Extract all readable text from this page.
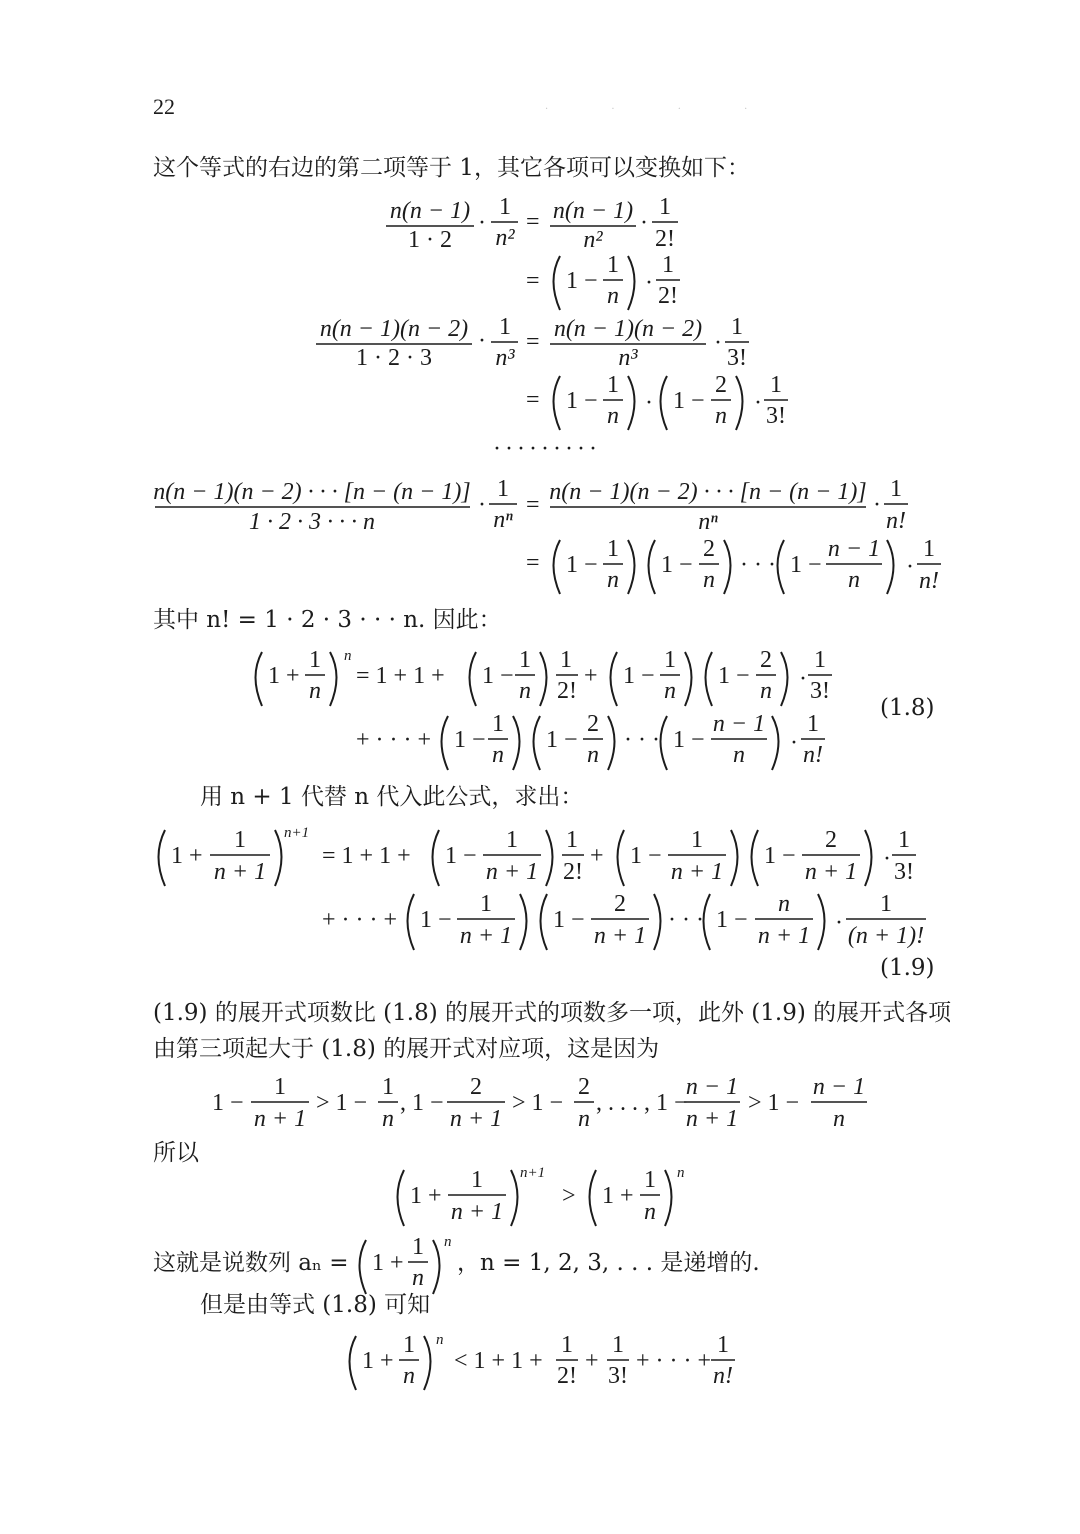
22	· · · ·
这个等式的右边的第二项等于 1，其它各项可以变换如下：
·········
其中 n! = 1 · 2 · 3 · · · n. 因此：
(1.8)
用 n + 1 代替 n 代入此公式，求出：
(1.9)
(1.9) 的展开式项数比 (1.8) 的展开式的项数多一项，此外 (1.9) 的展开式各项
由第三项起大于 (1.8) 的展开式对应项，这是因为
所以
这就是说数列 aₙ =	，n = 1, 2, 3, . . . 是递增的.
但是由等式 (1.8) 可知
n(n − 1)
1 · 2
·
1
n²
= n(n − 1)
n²
·
1
2!
= 1 −
1
n ·
1
2!
n(n − 1)(n − 2)
1 · 2 · 3
·
1
n³
= n(n − 1)(n − 2)
n³
·
1
3!
= 1 −
1
n · 1 −
2
n ·
1
3!
n(n − 1)(n − 2) · · · [n − (n − 1)]
1 · 2 · 3 · · · n
·
1
nⁿ
= n(n − 1)(n − 2) · · · [n − (n − 1)]
nⁿ
·
1
n!
= 1 −
1
n
1 −
2
n
· · · 1 −
n − 1
n ·
1
n!
1 +
1
n
n
= 1 + 1 + 1 −
1
n
1
2!
+ 1 −
1
n
1 −
2
n ·
1
3!
+ · · · + 1 −
1
n
1 −
2
n
· · · 1 −
n − 1
n ·
1
n!
1 +
1
n + 1
n+1
= 1 + 1 + 1 −
1
n + 1
1
2!
+ 1 −
1
n + 1
1 −
2
n + 1 ·
1
3!
+ · · · + 1 −
1
n + 1
1 −
2
n + 1
· · · 1 −
n
n + 1 ·
1
(n + 1)!
1 −
1
n + 1
> 1 −
1
n
, 1 −
2
n + 1
> 1 −
2
n
, . . . , 1 −
n − 1
n + 1
> 1 −
n − 1
n
1 +
1
n + 1
n+1
> 1 +
1
n
n
1 +
1
n
n
1 +
1
n
n
< 1 + 1 +
1
2!
+
1
3!
+ · · · +
1
n!
